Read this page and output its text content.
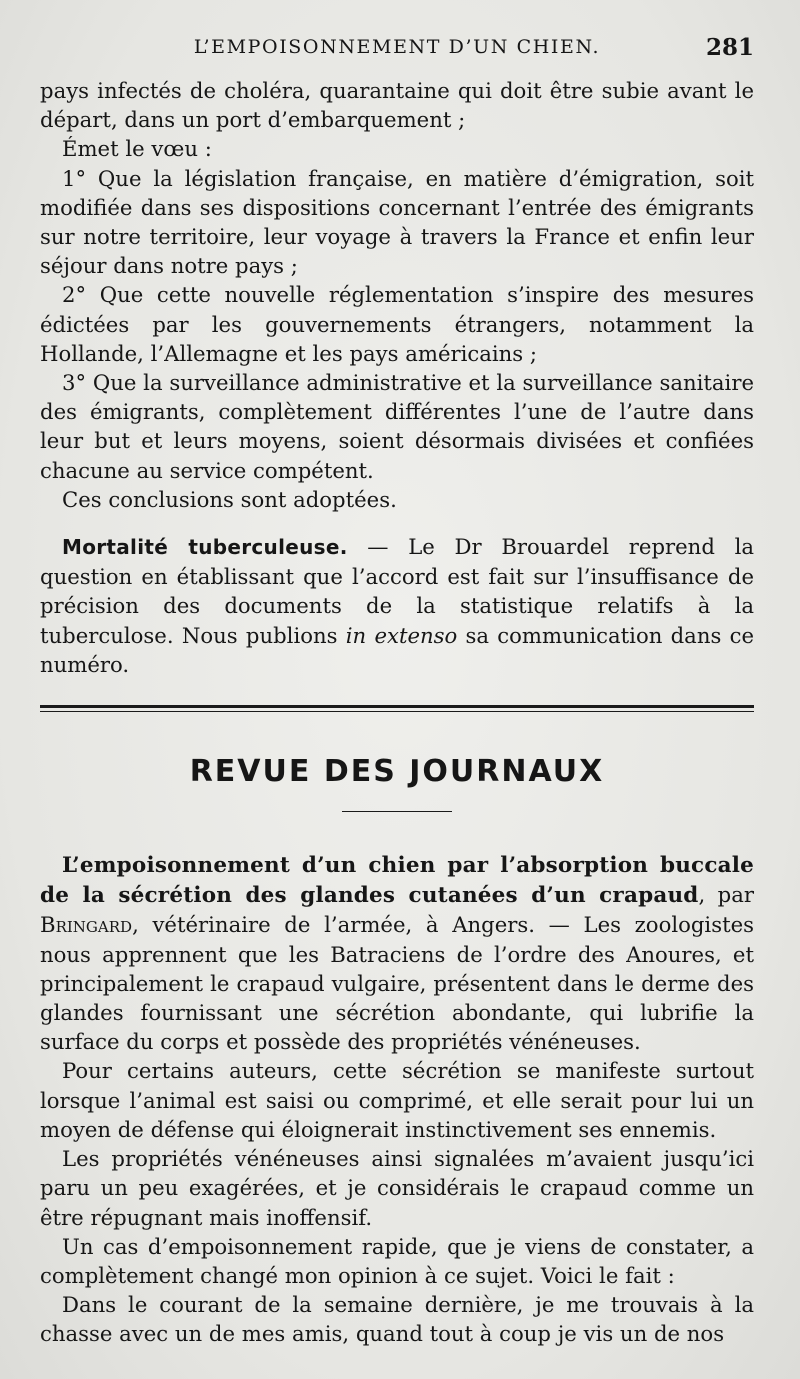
L’EMPOISONNEMENT D’UN CHIEN.	281

pays infectés de choléra, quarantaine qui doit être subie avant le départ, dans un port d’embarquement ;

Émet le vœu :

1° Que la législation française, en matière d’émigration, soit modifiée dans ses dispositions concernant l’entrée des émigrants sur notre territoire, leur voyage à travers la France et enfin leur séjour dans notre pays ;

2° Que cette nouvelle réglementation s’inspire des mesures édictées par les gouvernements étrangers, notamment la Hollande, l’Allemagne et les pays américains ;

3° Que la surveillance administrative et la surveillance sanitaire des émigrants, complètement différentes l’une de l’autre dans leur but et leurs moyens, soient désormais divisées et confiées chacune au service compétent.

Ces conclusions sont adoptées.

Mortalité tuberculeuse. — Le Dr Brouardel reprend la question en établissant que l’accord est fait sur l’insuffisance de précision des documents de la statistique relatifs à la tuberculose. Nous publions in extenso sa communication dans ce numéro.

REVUE DES JOURNAUX

L’empoisonnement d’un chien par l’absorption buccale de la sécrétion des glandes cutanées d’un crapaud, par Bringard, vétérinaire de l’armée, à Angers. — Les zoologistes nous apprennent que les Batraciens de l’ordre des Anoures, et principalement le crapaud vulgaire, présentent dans le derme des glandes fournissant une sécrétion abondante, qui lubrifie la surface du corps et possède des propriétés vénéneuses.

Pour certains auteurs, cette sécrétion se manifeste surtout lorsque l’animal est saisi ou comprimé, et elle serait pour lui un moyen de défense qui éloignerait instinctivement ses ennemis.

Les propriétés vénéneuses ainsi signalées m’avaient jusqu’ici paru un peu exagérées, et je considérais le crapaud comme un être répugnant mais inoffensif.

Un cas d’empoisonnement rapide, que je viens de constater, a complètement changé mon opinion à ce sujet. Voici le fait :

Dans le courant de la semaine dernière, je me trouvais à la chasse avec un de mes amis, quand tout à coup je vis un de nos
